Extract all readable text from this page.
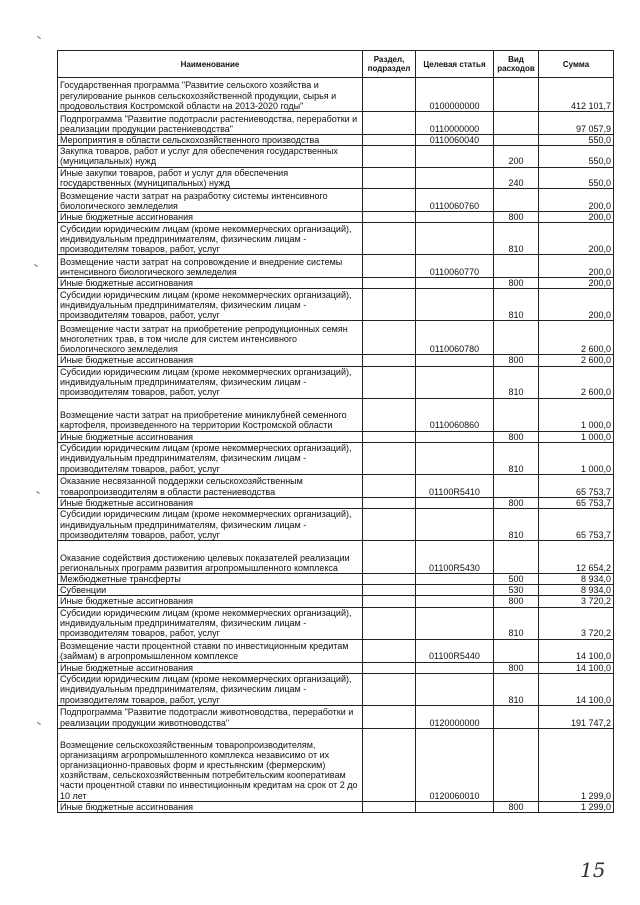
Наименование	Раздел, подраздел	Целевая статья	Вид расходов	Сумма
Государственная программа "Развитие сельского хозяйства и регулирование рынков сельскохозяйственной продукции, сырья и продовольствия Костромской области на 2013-2020 годы"		0100000000		412 101,7
Подпрограмма "Развитие подотрасли растениеводства, переработки и реализации продукции растениеводства"		0110000000		97 057,9
Мероприятия в области сельскохозяйственного производства		0110060040		550,0
Закупка товаров, работ и услуг для обеспечения государственных (муниципальных) нужд			200	550,0
Иные закупки товаров, работ и услуг для обеспечения государственных (муниципальных) нужд			240	550,0
Возмещение части затрат на разработку системы интенсивного биологического земледелия		0110060760		200,0
Иные бюджетные ассигнования			800	200,0
Субсидии юридическим лицам (кроме некоммерческих организаций), индивидуальным предпринимателям, физическим лицам - производителям товаров, работ, услуг			810	200,0
Возмещение части затрат на сопровождение и внедрение системы интенсивного биологического земледелия		0110060770		200,0
Иные бюджетные ассигнования			800	200,0
Субсидии юридическим лицам (кроме некоммерческих организаций), индивидуальным предпринимателям, физическим лицам - производителям товаров, работ, услуг			810	200,0
Возмещение части затрат на приобретение репродукционных семян многолетних трав, в том числе для систем интенсивного биологического земледелия		0110060780		2 600,0
Иные бюджетные ассигнования			800	2 600,0
Субсидии юридическим лицам (кроме некоммерческих организаций), индивидуальным предпринимателям, физическим лицам - производителям товаров, работ, услуг			810	2 600,0
Возмещение части затрат на приобретение миниклубней семенного картофеля, произведенного на территории Костромской области		0110060860		1 000,0
Иные бюджетные ассигнования			800	1 000,0
Субсидии юридическим лицам (кроме некоммерческих организаций), индивидуальным предпринимателям, физическим лицам - производителям товаров, работ, услуг			810	1 000,0
Оказание несвязанной поддержки сельскохозяйственным товаропроизводителям в области растениеводства		01100R5410		65 753,7
Иные бюджетные ассигнования			800	65 753,7
Субсидии юридическим лицам (кроме некоммерческих организаций), индивидуальным предпринимателям, физическим лицам - производителям товаров, работ, услуг			810	65 753,7
Оказание содействия достижению целевых показателей реализации региональных программ развития агропромышленного комплекса		01100R5430		12 654,2
Межбюджетные трансферты			500	8 934,0
Субвенции			530	8 934,0
Иные бюджетные ассигнования			800	3 720,2
Субсидии юридическим лицам (кроме некоммерческих организаций), индивидуальным предпринимателям, физическим лицам - производителям товаров, работ, услуг			810	3 720,2
Возмещение части процентной ставки по инвестиционным кредитам (займам) в агропромышленном комплексе		01100R5440		14 100,0
Иные бюджетные ассигнования			800	14 100,0
Субсидии юридическим лицам (кроме некоммерческих организаций), индивидуальным предпринимателям, физическим лицам - производителям товаров, работ, услуг			810	14 100,0
Подпрограмма "Развитие подотрасли животноводства, переработки и реализации продукции животноводства"		0120000000		191 747,2
Возмещение сельскохозяйственным товаропроизводителям, организациям агропромышленного комплекса независимо от их организационно-правовых форм и крестьянским (фермерским) хозяйствам, сельскохозяйственным потребительским кооперативам части процентной ставки по инвестиционным кредитам на срок от 2 до 10 лет		0120060010		1 299,0
Иные бюджетные ассигнования			800	1 299,0
15
